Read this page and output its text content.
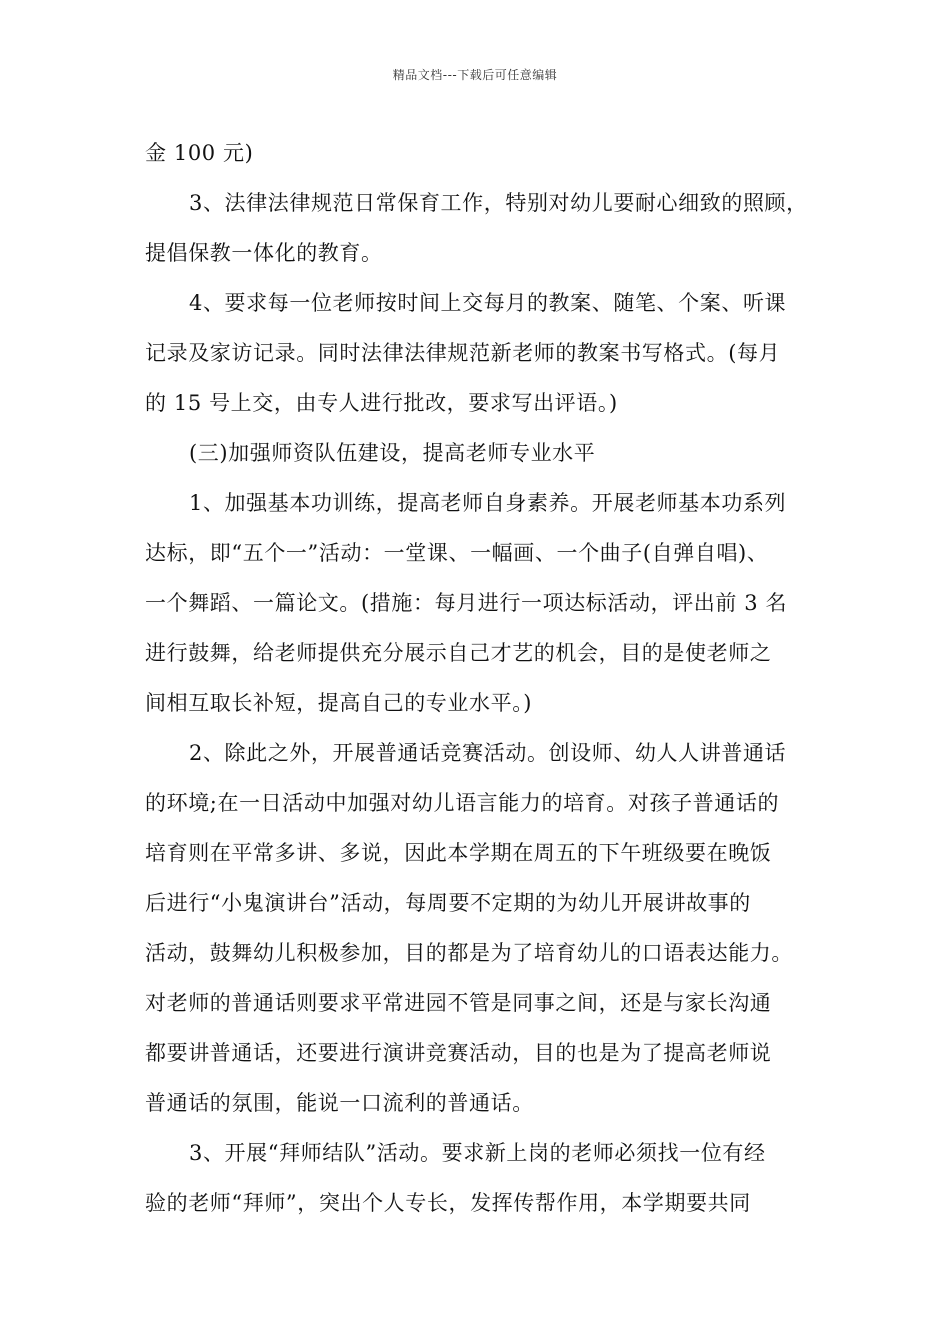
精品文档---下载后可任意编辑
金 100 元)
3、法律法律规范日常保育工作，特别对幼儿要耐心细致的照顾，
提倡保教一体化的教育。
4、要求每一位老师按时间上交每月的教案、随笔、个案、听课
记录及家访记录。同时法律法律规范新老师的教案书写格式。(每月
的 15 号上交，由专人进行批改，要求写出评语。)
(三)加强师资队伍建设，提高老师专业水平
1、加强基本功训练，提高老师自身素养。开展老师基本功系列
达标，即“五个一”活动：一堂课、一幅画、一个曲子(自弹自唱)、
一个舞蹈、一篇论文。(措施：每月进行一项达标活动，评出前 3 名
进行鼓舞，给老师提供充分展示自己才艺的机会，目的是使老师之
间相互取长补短，提高自己的专业水平。)
2、除此之外，开展普通话竞赛活动。创设师、幼人人讲普通话
的环境;在一日活动中加强对幼儿语言能力的培育。对孩子普通话的
培育则在平常多讲、多说，因此本学期在周五的下午班级要在晚饭
后进行“小鬼演讲台”活动，每周要不定期的为幼儿开展讲故事的
活动，鼓舞幼儿积极参加，目的都是为了培育幼儿的口语表达能力。
对老师的普通话则要求平常进园不管是同事之间，还是与家长沟通
都要讲普通话，还要进行演讲竞赛活动，目的也是为了提高老师说
普通话的氛围，能说一口流利的普通话。
3、开展“拜师结队”活动。要求新上岗的老师必须找一位有经
验的老师“拜师”，突出个人专长，发挥传帮作用，本学期要共同
